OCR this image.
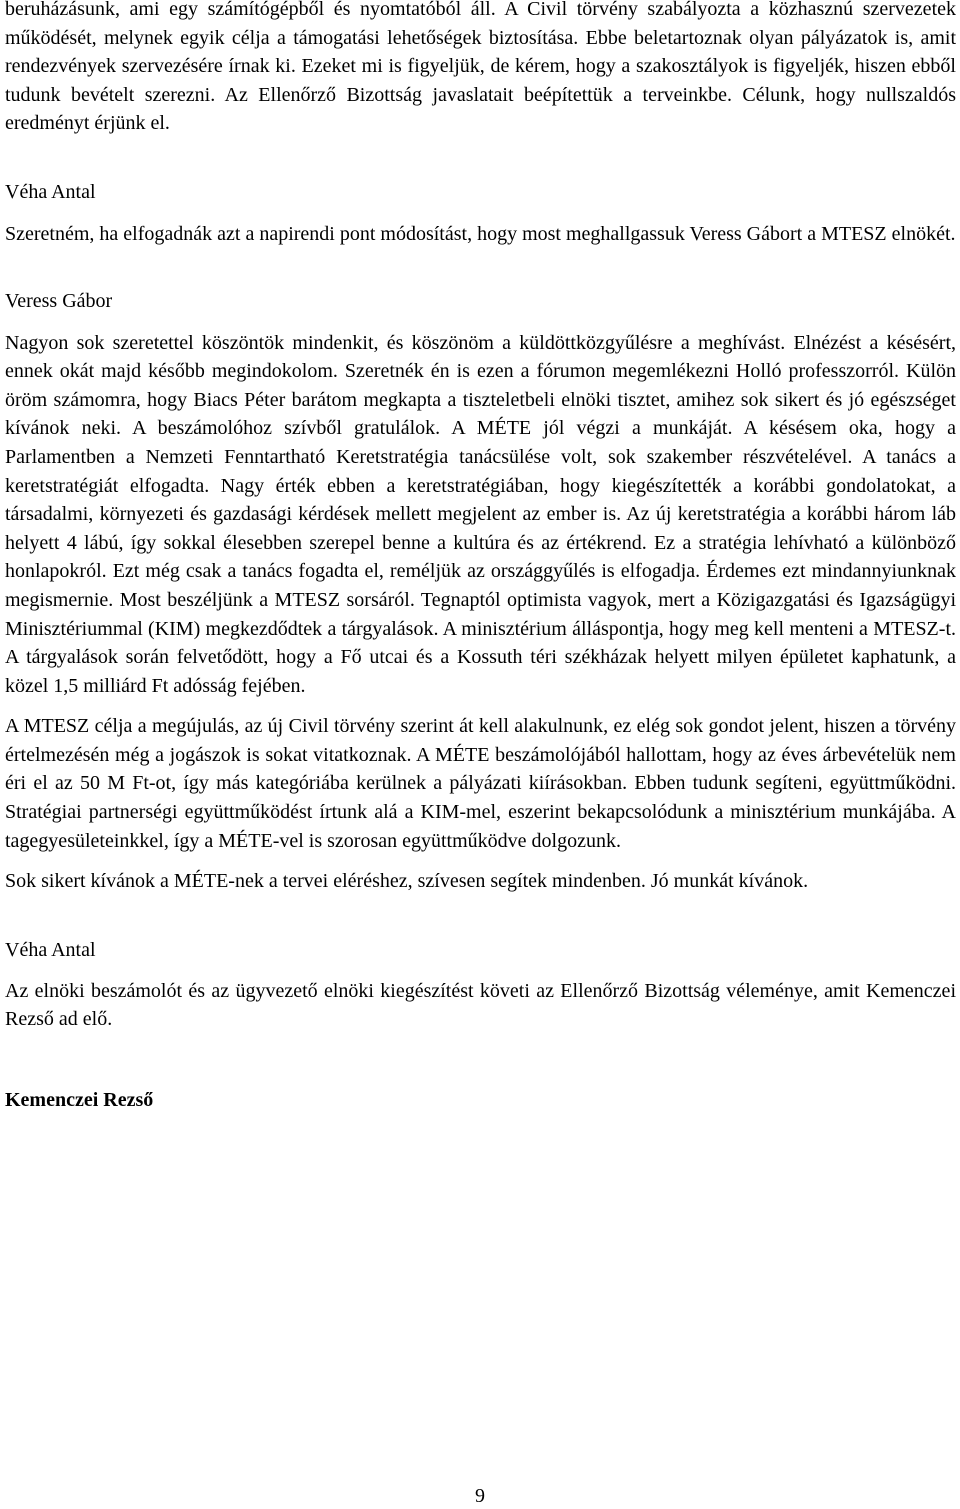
beruházásunk, ami egy számítógépből és nyomtatóból áll. A Civil törvény szabályozta a közhasznú szervezetek működését, melynek egyik célja a támogatási lehetőségek biztosítása. Ebbe beletartoznak olyan pályázatok is, amit rendezvények szervezésére írnak ki. Ezeket mi is figyeljük, de kérem, hogy a szakosztályok is figyeljék, hiszen ebből tudunk bevételt szerezni. Az Ellenőrző Bizottság javaslatait beépítettük a terveinkbe. Célunk, hogy nullszaldós eredményt érjünk el.

Véha Antal

Szeretném, ha elfogadnák azt a napirendi pont módosítást, hogy most meghallgassuk Veress Gábort a MTESZ elnökét.

Veress Gábor

Nagyon sok szeretettel köszöntök mindenkit, és köszönöm a küldöttközgyűlésre a meghívást. Elnézést a késésért, ennek okát majd később megindokolom. Szeretnék én is ezen a fórumon megemlékezni Holló professzorról. Külön öröm számomra, hogy Biacs Péter barátom megkapta a tiszteletbeli elnöki tisztet, amihez sok sikert és jó egészséget kívánok neki. A beszámolóhoz szívből gratulálok. A MÉTE jól végzi a munkáját. A késésem oka, hogy a Parlamentben a Nemzeti Fenntartható Keretstratégia tanácsülése volt, sok szakember részvételével. A tanács a keretstratégiát elfogadta. Nagy érték ebben a keretstratégiában, hogy kiegészítették a korábbi gondolatokat, a társadalmi, környezeti és gazdasági kérdések mellett megjelent az ember is. Az új keretstratégia a korábbi három láb helyett 4 lábú, így sokkal élesebben szerepel benne a kultúra és az értékrend. Ez a stratégia lehívható a különböző honlapokról. Ezt még csak a tanács fogadta el, reméljük az országgyűlés is elfogadja. Érdemes ezt mindannyiunknak megismernie. Most beszéljünk a MTESZ sorsáról. Tegnaptól optimista vagyok, mert a Közigazgatási és Igazságügyi Minisztériummal (KIM) megkezdődtek a tárgyalások. A minisztérium álláspontja, hogy meg kell menteni a MTESZ-t. A tárgyalások során felvetődött, hogy a Fő utcai és a Kossuth téri székházak helyett milyen épületet kaphatunk, a közel 1,5 milliárd Ft adósság fejében.

A MTESZ célja a megújulás, az új Civil törvény szerint át kell alakulnunk, ez elég sok gondot jelent, hiszen a törvény értelmezésén még a jogászok is sokat vitatkoznak. A MÉTE beszámolójából hallottam, hogy az éves árbevételük nem éri el az 50 M Ft-ot, így más kategóriába kerülnek a pályázati kiírásokban. Ebben tudunk segíteni, együttműködni. Stratégiai partnerségi együttműködést írtunk alá a KIM-mel, eszerint bekapcsolódunk a minisztérium munkájába. A tagegyesületeinkkel, így a MÉTE-vel is szorosan együttműködve dolgozunk.

Sok sikert kívánok a MÉTE-nek a tervei eléréshez, szívesen segítek mindenben. Jó munkát kívánok.

Véha Antal

Az elnöki beszámolót és az ügyvezető elnöki kiegészítést követi az Ellenőrző Bizottság véleménye, amit Kemenczei Rezső ad elő.

Kemenczei Rezső

9
